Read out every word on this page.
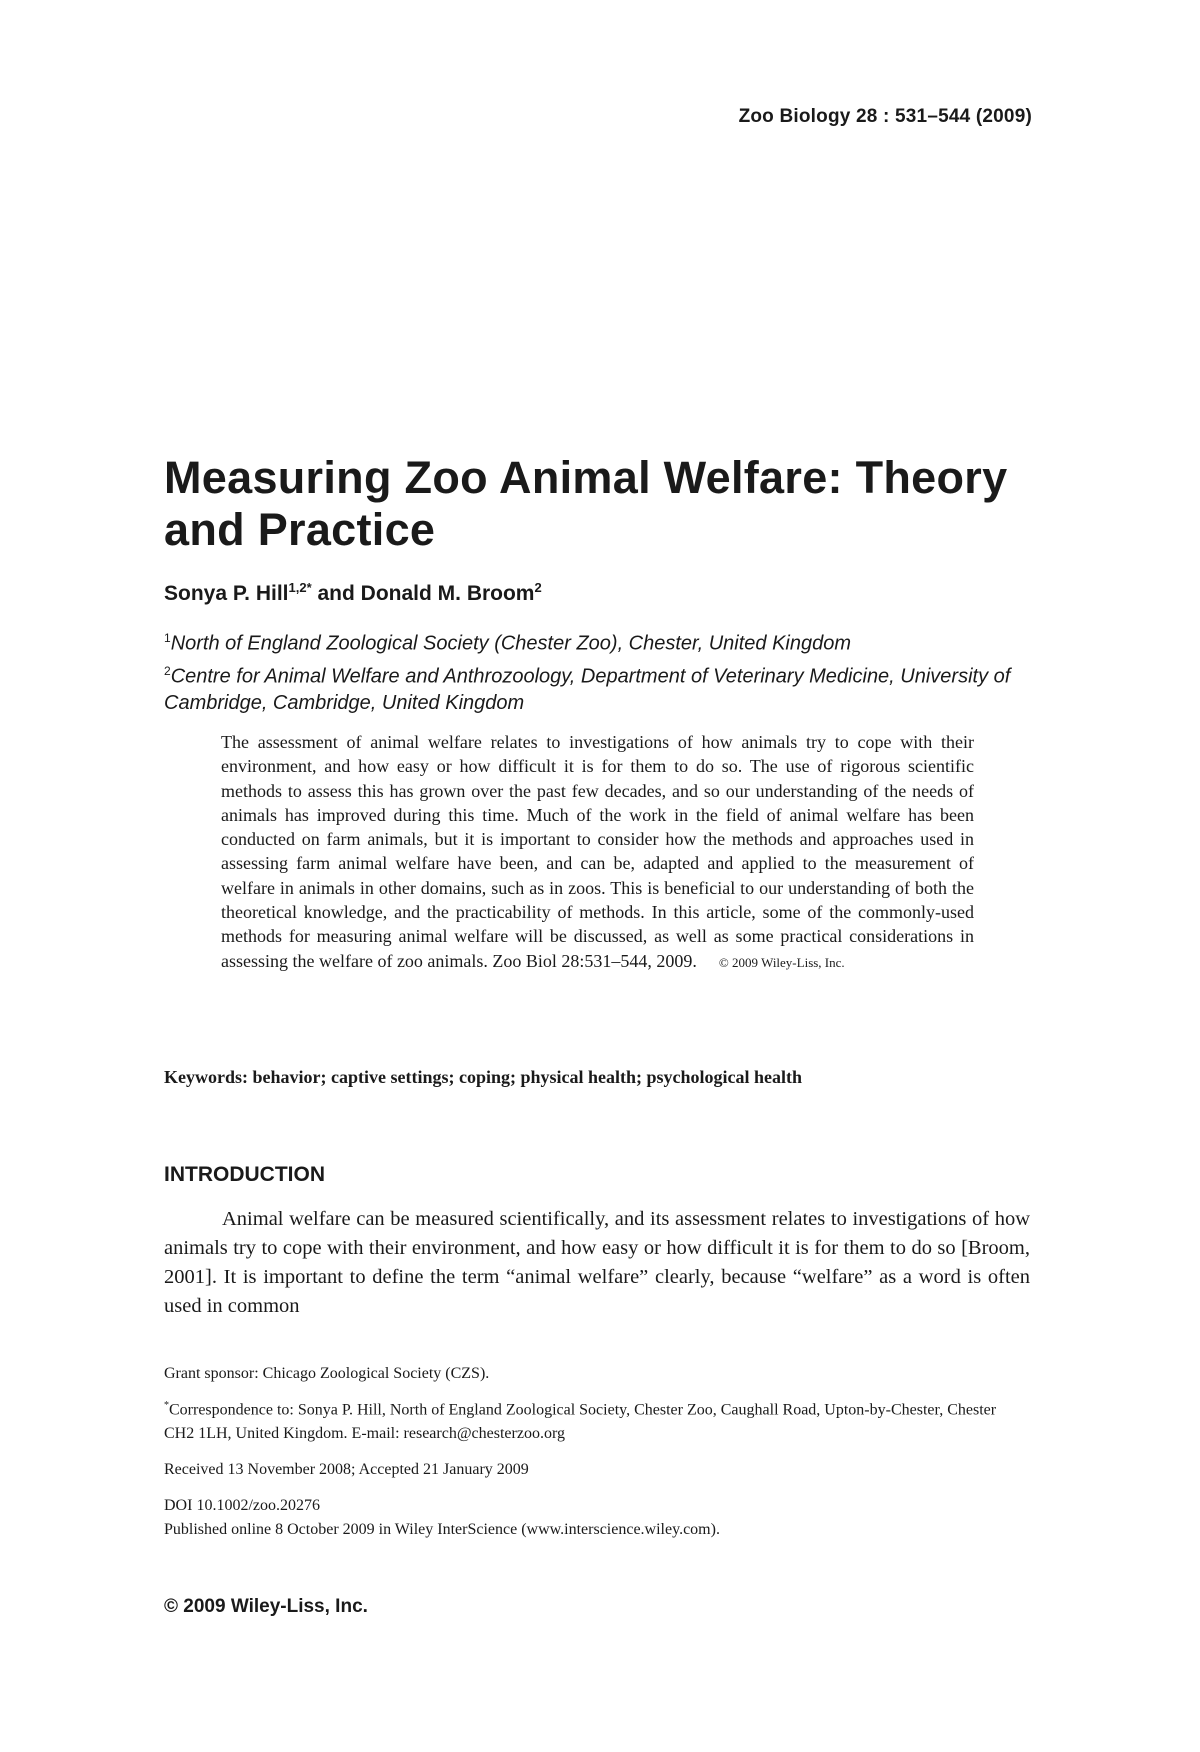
Zoo Biology 28 : 531–544 (2009)
Measuring Zoo Animal Welfare: Theory and Practice
Sonya P. Hill$^{1,2*}$ and Donald M. Broom$^2$
$^1$North of England Zoological Society (Chester Zoo), Chester, United Kingdom
$^2$Centre for Animal Welfare and Anthrozoology, Department of Veterinary Medicine, University of Cambridge, Cambridge, United Kingdom

The assessment of animal welfare relates to investigations of how animals try to cope with their environment, and how easy or how difficult it is for them to do so. The use of rigorous scientific methods to assess this has grown over the past few decades, and so our understanding of the needs of animals has improved during this time. Much of the work in the field of animal welfare has been conducted on farm animals, but it is important to consider how the methods and approaches used in assessing farm animal welfare have been, and can be, adapted and applied to the measurement of welfare in animals in other domains, such as in zoos. This is beneficial to our understanding of both the theoretical knowledge, and the practicability of methods. In this article, some of the commonly-used methods for measuring animal welfare will be discussed, as well as some practical considerations in assessing the welfare of zoo animals. Zoo Biol 28:531–544, 2009. © 2009 Wiley-Liss, Inc.

Keywords: behavior; captive settings; coping; physical health; psychological health
INTRODUCTION

Animal welfare can be measured scientifically, and its assessment relates to investigations of how animals try to cope with their environment, and how easy or how difficult it is for them to do so [Broom, 2001]. It is important to define the term “animal welfare” clearly, because “welfare” as a word is often used in common

Grant sponsor: Chicago Zoological Society (CZS).

*Correspondence to: Sonya P. Hill, North of England Zoological Society, Chester Zoo, Caughall Road, Upton-by-Chester, Chester CH2 1LH, United Kingdom. E-mail: research@chesterzoo.org

Received 13 November 2008; Accepted 21 January 2009

DOI 10.1002/zoo.20276

Published online 8 October 2009 in Wiley InterScience (www.interscience.wiley.com).

© 2009 Wiley-Liss, Inc.
